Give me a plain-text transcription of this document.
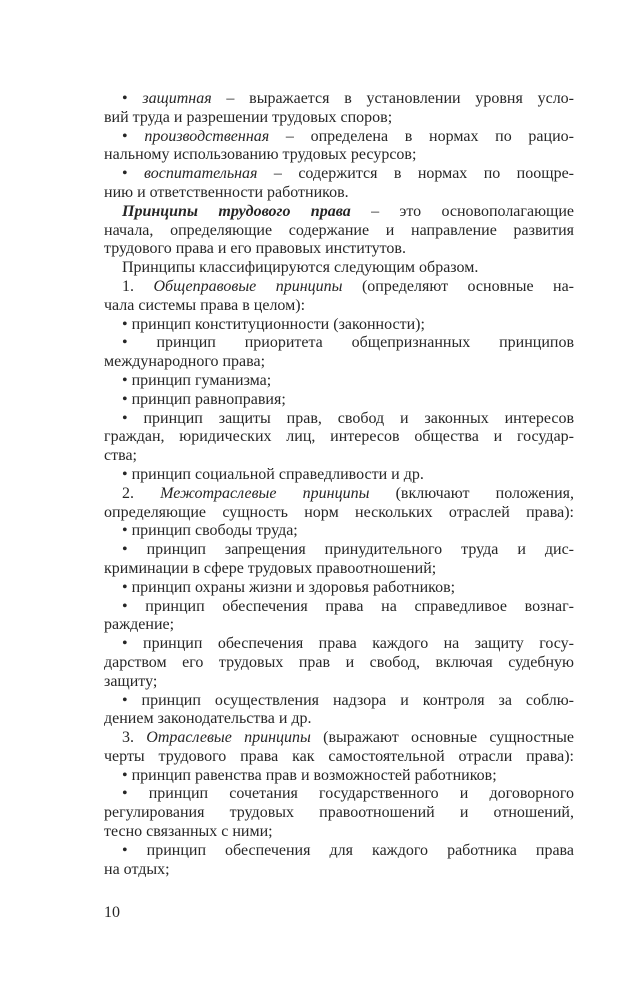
• защитная – выражается в установлении уровня усло-
вий труда и разрешении трудовых споров;
• производственная – определена в нормах по рацио-
нальному использованию трудовых ресурсов;
• воспитательная – содержится в нормах по поощре-
нию и ответственности работников.
Принципы трудового права – это основополагающие
начала, определяющие содержание и направление развития
трудового права и его правовых институтов.
Принципы классифицируются следующим образом.
1. Общеправовые принципы (определяют основные на-
чала системы права в целом):
• принцип конституционности (законности);
• принцип приоритета общепризнанных принципов
международного права;
• принцип гуманизма;
• принцип равноправия;
• принцип защиты прав, свобод и законных интересов
граждан, юридических лиц, интересов общества и государ-
ства;
• принцип социальной справедливости и др.
2. Межотраслевые принципы (включают положения,
определяющие сущность норм нескольких отраслей права):
• принцип свободы труда;
• принцип запрещения принудительного труда и дис-
криминации в сфере трудовых правоотношений;
• принцип охраны жизни и здоровья работников;
• принцип обеспечения права на справедливое вознаг-
раждение;
• принцип обеспечения права каждого на защиту госу-
дарством его трудовых прав и свобод, включая судебную
защиту;
• принцип осуществления надзора и контроля за соблю-
дением законодательства и др.
3. Отраслевые принципы (выражают основные сущностные
черты трудового права как самостоятельной отрасли права):
• принцип равенства прав и возможностей работников;
• принцип сочетания государственного и договорного
регулирования трудовых правоотношений и отношений,
тесно связанных с ними;
• принцип обеспечения для каждого работника права
на отдых;
10
